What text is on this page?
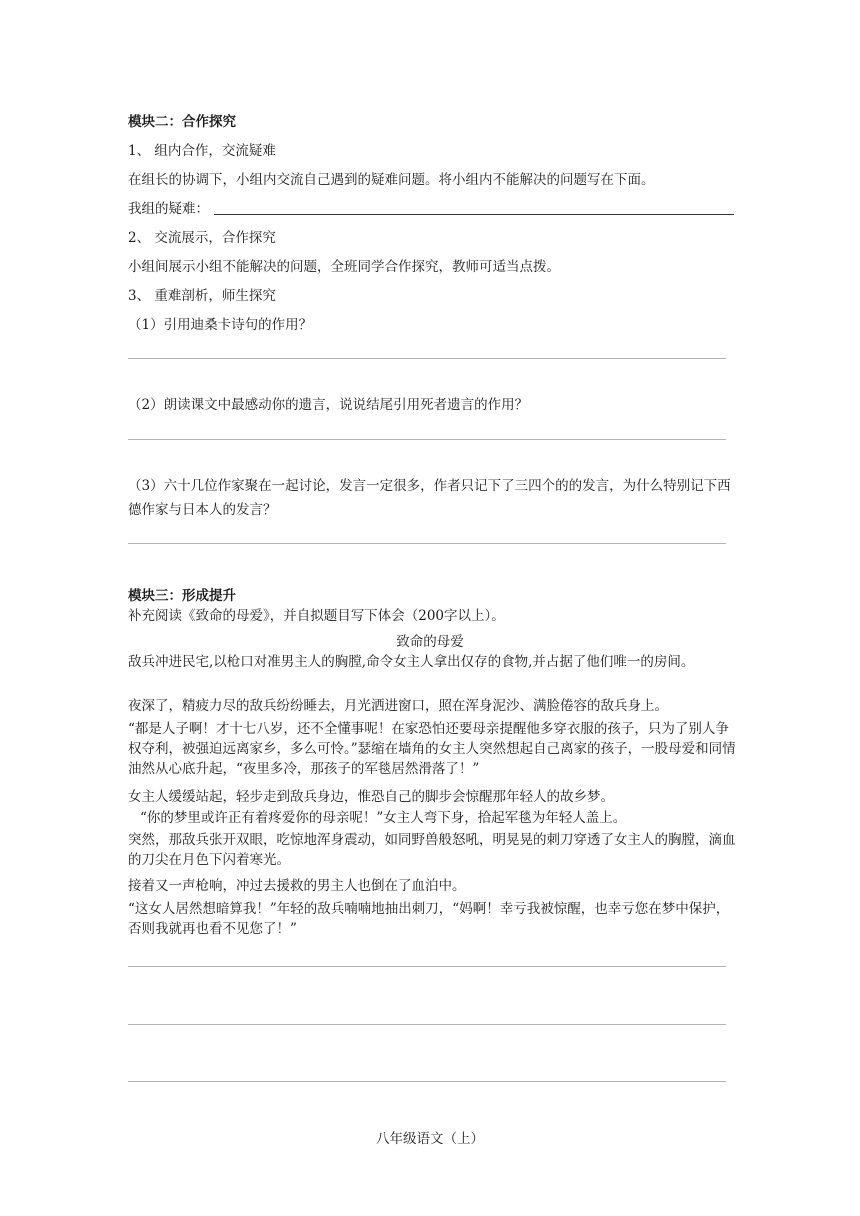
模块二：合作探究
1、 组内合作，交流疑难
在组长的协调下，小组内交流自己遇到的疑难问题。将小组内不能解决的问题写在下面。
我组的疑难：
2、 交流展示，合作探究
小组间展示小组不能解决的问题，全班同学合作探究，教师可适当点拨。
3、 重难剖析，师生探究
（1）引用迪桑卡诗句的作用？
（2）朗读课文中最感动你的遗言，说说结尾引用死者遗言的作用？
（3）六十几位作家聚在一起讨论，发言一定很多，作者只记下了三四个的的发言，为什么特别记下西德作家与日本人的发言？
模块三：形成提升
补充阅读《致命的母爱》，并自拟题目写下体会（200字以上）。
致命的母爱
敌兵冲进民宅,以枪口对准男主人的胸膛,命令女主人拿出仅存的食物,并占据了他们唯一的房间。
夜深了，精疲力尽的敌兵纷纷睡去，月光洒进窗口，照在浑身泥沙、满脸倦容的敌兵身上。
“都是人子啊！才十七八岁，还不全懂事呢！在家恐怕还要母亲提醒他多穿衣服的孩子，只为了别人争权夺利，被强迫远离家乡，多么可怜。”瑟缩在墙角的女主人突然想起自己离家的孩子，一股母爱和同情油然从心底升起，“夜里多冷，那孩子的军毯居然滑落了！”
女主人缓缓站起，轻步走到敌兵身边，惟恐自己的脚步会惊醒那年轻人的故乡梦。
“你的梦里或许正有着疼爱你的母亲呢！”女主人弯下身，拾起军毯为年轻人盖上。
突然，那敌兵张开双眼，吃惊地浑身震动，如同野兽般怒吼，明晃晃的刺刀穿透了女主人的胸膛，滴血的刀尖在月色下闪着寒光。
接着又一声枪响，冲过去援救的男主人也倒在了血泊中。
“这女人居然想暗算我！”年轻的敌兵喃喃地抽出刺刀，“妈啊！幸亏我被惊醒，也幸亏您在梦中保护，否则我就再也看不见您了！”
八年级语文（上）
